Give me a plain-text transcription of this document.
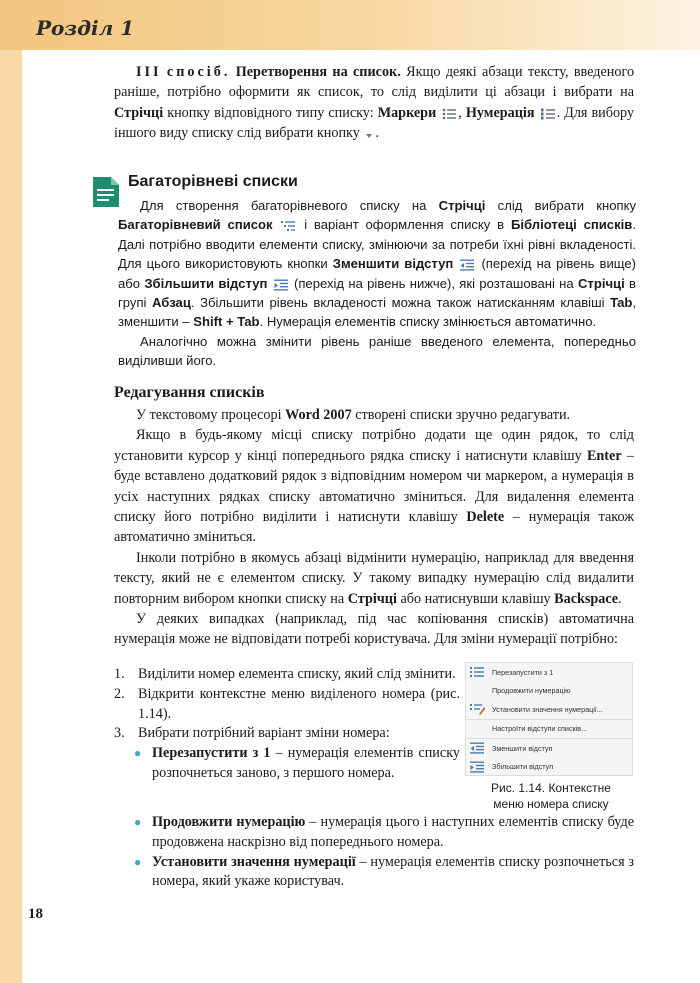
Розділ 1

ІІІ спосіб. Перетворення на список. Якщо деякі абзаци тексту, введеного раніше, потрібно оформити як список, то слід виділити ці абзаци і вибрати на Стрічці кнопку відповідного типу списку: Маркери , Нумерація . Для вибору іншого виду списку слід вибрати кнопку .

Багаторівневі списки

Для створення багаторівневого списку на Стрічці слід вибрати кнопку Багаторівневий список і варіант оформлення списку в Бібліотеці списків. Далі потрібно вводити елементи списку, змінюючи за потреби їхні рівні вкладеності. Для цього використовують кнопки Зменшити відступ (перехід на рівень вище) або Збільшити відступ (перехід на рівень нижче), які розташовані на Стрічці в групі Абзац. Збільшити рівень вкладеності можна також натисканням клавіші Tab, зменшити – Shift + Tab. Нумерація елементів списку змінюється автоматично.

Аналогічно можна змінити рівень раніше введеного елемента, попередньо виділивши його.

Редагування списків

У текстовому процесорі Word 2007 створені списки зручно редагувати.

Якщо в будь-якому місці списку потрібно додати ще один рядок, то слід установити курсор у кінці попереднього рядка списку і натиснути клавішу Enter – буде вставлено додатковий рядок з відповідним номером чи маркером, а нумерація в усіх наступних рядках списку автоматично зміниться. Для видалення елемента списку його потрібно виділити і натиснути клавішу Delete – нумерація також автоматично зміниться.

Інколи потрібно в якомусь абзаці відмінити нумерацію, наприклад для введення тексту, який не є елементом списку. У такому випадку нумерацію слід видалити повторним вибором кнопки списку на Стрічці або натиснувши клавішу Backspace.

У деяких випадках (наприклад, під час копіювання списків) автоматична нумерація може не відповідати потребі користувача. Для зміни нумерації потрібно:

1. Виділити номер елемента списку, який слід змінити.
2. Відкрити контекстне меню виділеного номера (рис. 1.14).
3. Вибрати потрібний варіант зміни номера:
● Перезапустити з 1 – нумерація елементів списку розпочнеться заново, з першого номера.
● Продовжити нумерацію – нумерація цього і наступних елементів списку буде продовжена наскрізно від попереднього номера.
● Установити значення нумерації – нумерація елементів списку розпочнеться з номера, який укаже користувач.
Перезапустити з 1
Продовжити нумерацію
Установити значення нумерації...
Настроїти відступи списків...
Зменшити відступ
Збільшити відступ
Рис. 1.14. Контекстне
меню номера списку
18
